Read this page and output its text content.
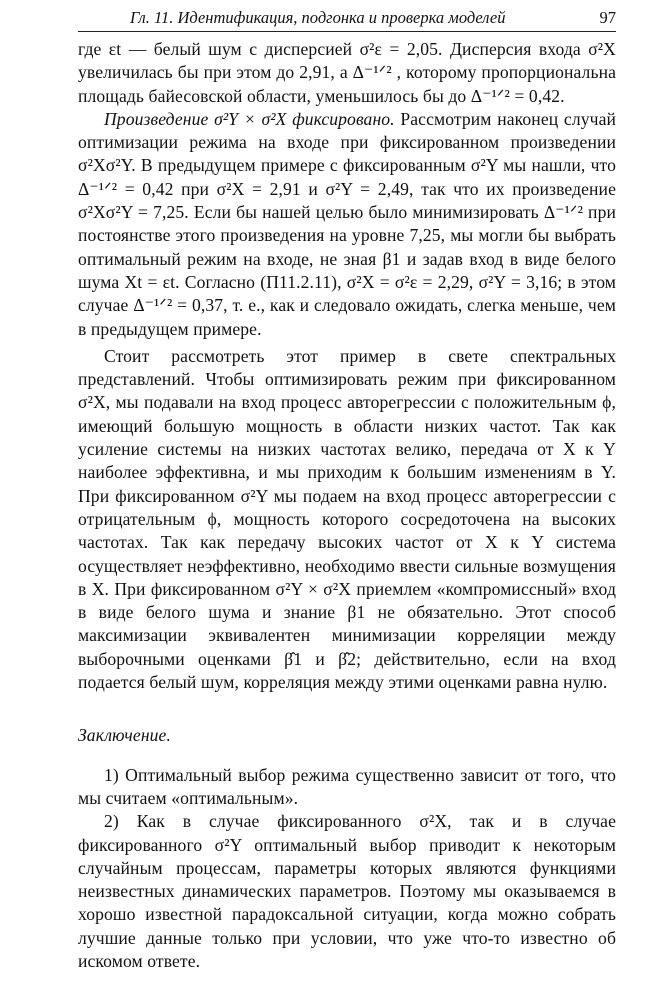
Гл. 11. Идентификация, подгонка и проверка моделей	97

где εt — белый шум с дисперсией σ²ε = 2,05. Дисперсия входа σ²X увеличилась бы при этом до 2,91, а Δ⁻¹ᐟ² , которому пропорциональна площадь байесовской области, уменьшилось бы до Δ⁻¹ᐟ² = 0,42.

Произведение σ²Y × σ²X фиксировано. Рассмотрим наконец случай оптимизации режима на входе при фиксированном произведении σ²Xσ²Y. В предыдущем примере с фиксированным σ²Y мы нашли, что Δ⁻¹ᐟ² = 0,42 при σ²X = 2,91 и σ²Y = 2,49, так что их произведение σ²Xσ²Y = 7,25. Если бы нашей целью было минимизировать Δ⁻¹ᐟ² при постоянстве этого произведения на уровне 7,25, мы могли бы выбрать оптимальный режим на входе, не зная β1 и задав вход в виде белого шума Xt = εt. Согласно (П11.2.11), σ²X = σ²ε = 2,29, σ²Y = 3,16; в этом случае Δ⁻¹ᐟ² = 0,37, т. е., как и следовало ожидать, слегка меньше, чем в предыдущем примере.

Стоит рассмотреть этот пример в свете спектральных представлений. Чтобы оптимизировать режим при фиксированном σ²X, мы подавали на вход процесс авторегрессии с положительным ϕ, имеющий большую мощность в области низких частот. Так как усиление системы на низких частотах велико, передача от X к Y наиболее эффективна, и мы приходим к большим изменениям в Y. При фиксированном σ²Y мы подаем на вход процесс авторегрессии с отрицательным ϕ, мощность которого сосредоточена на высоких частотах. Так как передачу высоких частот от X к Y система осуществляет неэффективно, необходимо ввести сильные возмущения в X. При фиксированном σ²Y × σ²X приемлем «компромиссный» вход в виде белого шума и знание β1 не обязательно. Этот способ максимизации эквивалентен минимизации корреляции между выборочными оценками β̂1 и β̂2; действительно, если на вход подается белый шум, корреляция между этими оценками равна нулю.

Заключение.

1) Оптимальный выбор режима существенно зависит от того, что мы считаем «оптимальным».

2) Как в случае фиксированного σ²X, так и в случае фиксированного σ²Y оптимальный выбор приводит к некоторым случайным процессам, параметры которых являются функциями неизвестных динамических параметров. Поэтому мы оказываемся в хорошо известной парадоксальной ситуации, когда можно собрать лучшие данные только при условии, что уже что-то известно об искомом ответе.
